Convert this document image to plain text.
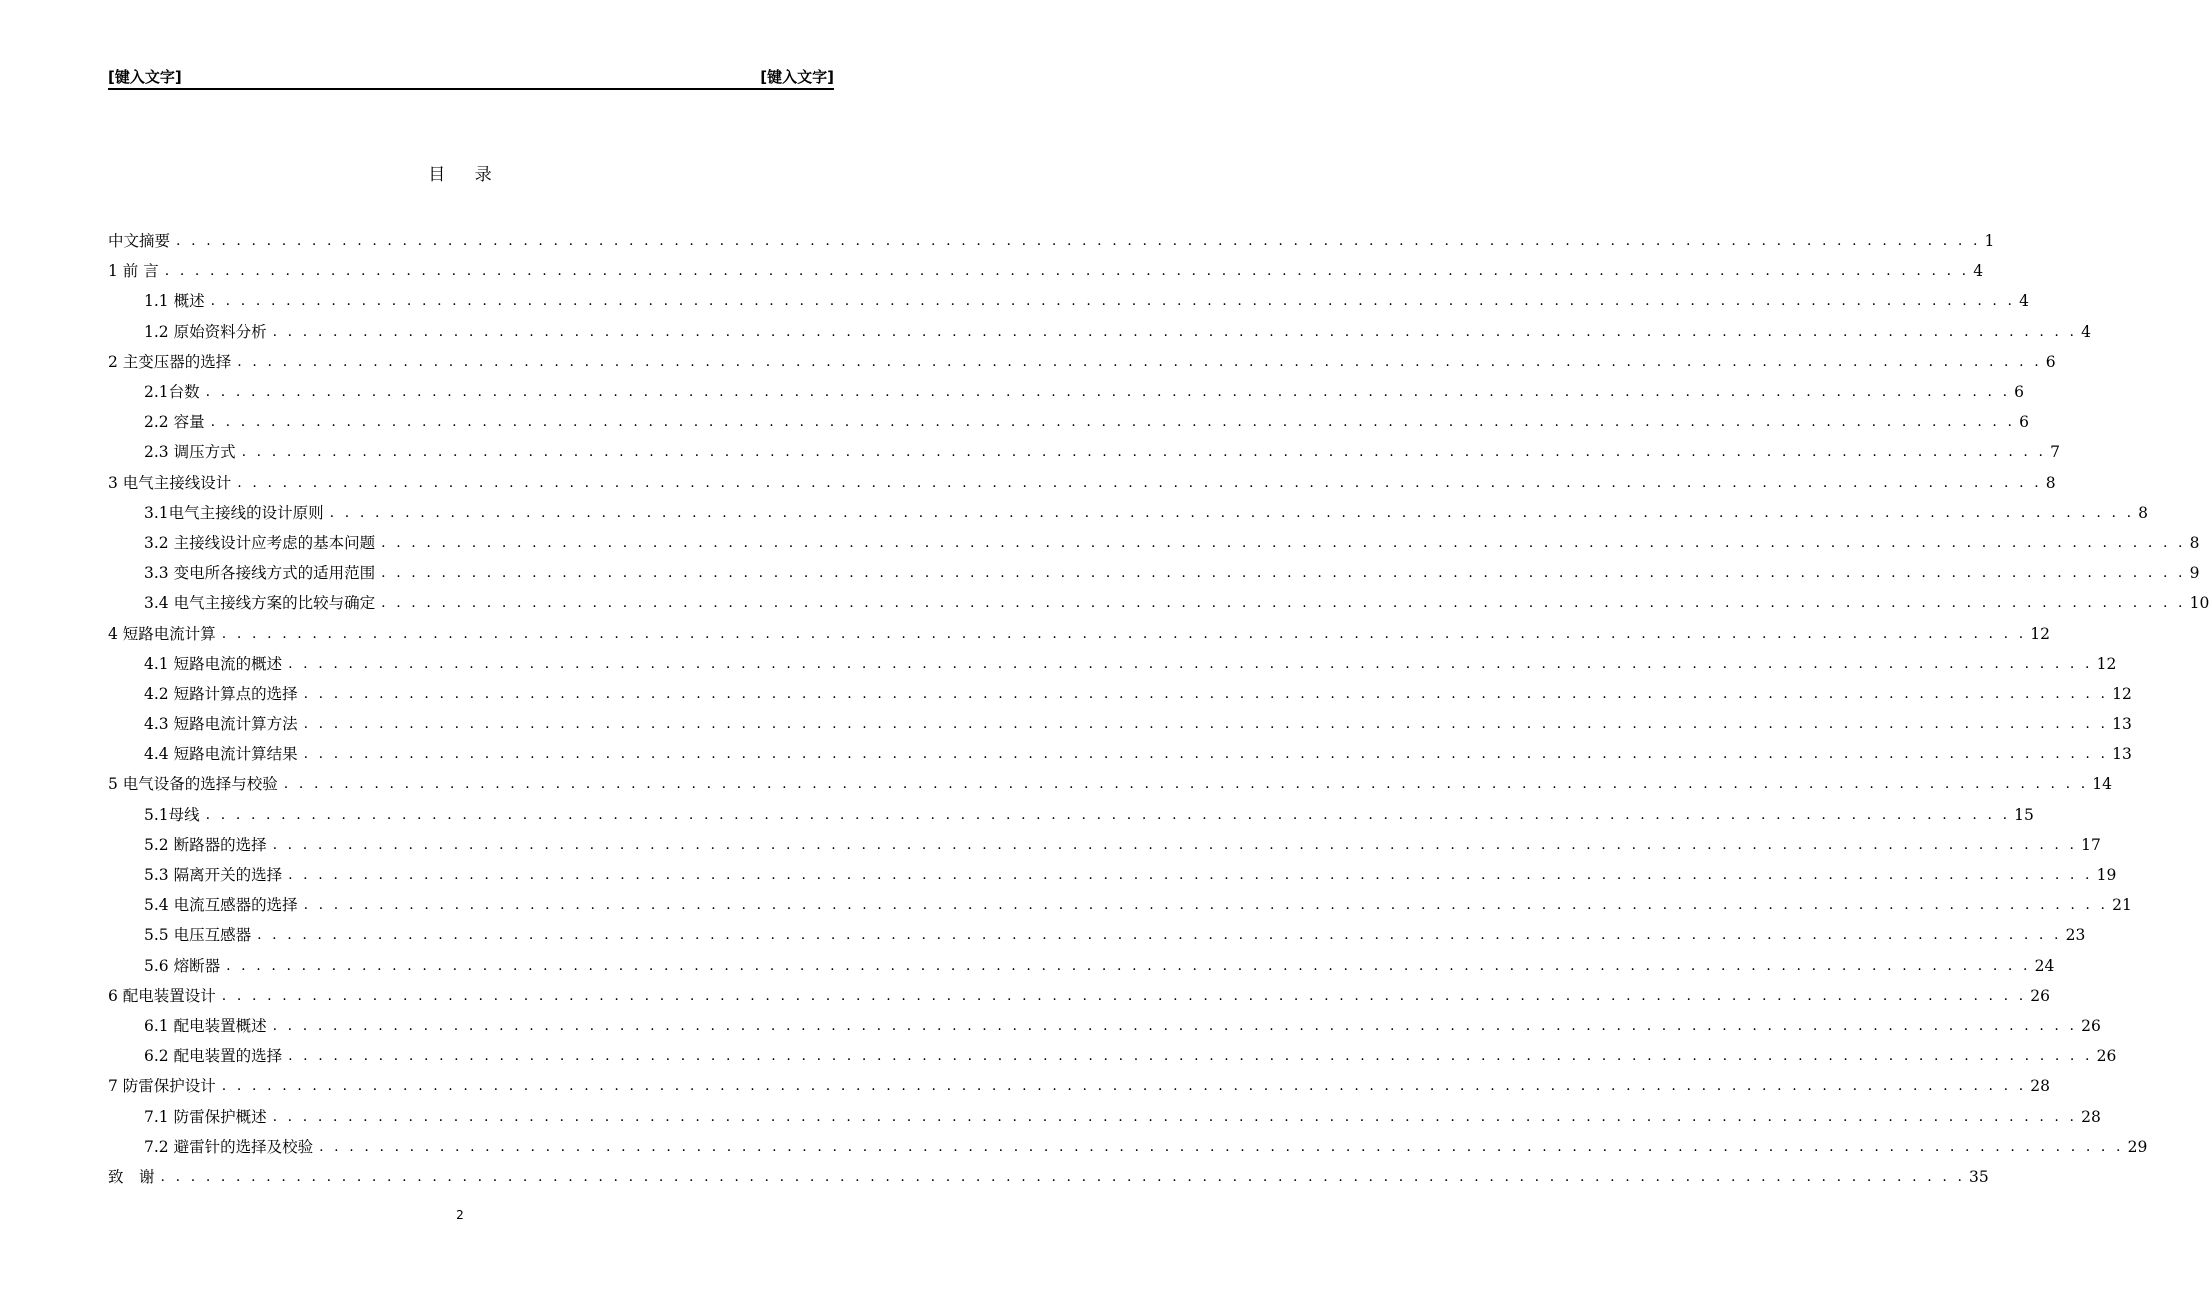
[键入文字]	[键入文字]
目 录
中文摘要 . . . . . . . . . . . . . . . . . . . . . . . . . . . . . . . . . . . . . . . . . . . . . . . . . . . . . . . . . . . . . . . . . . . . . . . . . . . . . . . . . . . . . . . . . . . . . . . . . . . . . . . . . . . . . . . . . . . . . . . . 1
1 前 言 . . . . . . . . . . . . . . . . . . . . . . . . . . . . . . . . . . . . . . . . . . . . . . . . . . . . . . . . . . . . . . . . . . . . . . . . . . . . . . . . . . . . . . . . . . . . . . . . . . . . . . . . . . . . . . . . . . . . . . . . 4
1.1 概述 . . . . . . . . . . . . . . . . . . . . . . . . . . . . . . . . . . . . . . . . . . . . . . . . . . . . . . . . . . . . . . . . . . . . . . . . . . . . . . . . . . . . . . . . . . . . . . . . . . . . . . . . . . . . . . . . . . . . . . . . 4
1.2 原始资料分析 . . . . . . . . . . . . . . . . . . . . . . . . . . . . . . . . . . . . . . . . . . . . . . . . . . . . . . . . . . . . . . . . . . . . . . . . . . . . . . . . . . . . . . . . . . . . . . . . . . . . . . . . . . . . . . . . . . . . . . . . 4
2 主变压器的选择 . . . . . . . . . . . . . . . . . . . . . . . . . . . . . . . . . . . . . . . . . . . . . . . . . . . . . . . . . . . . . . . . . . . . . . . . . . . . . . . . . . . . . . . . . . . . . . . . . . . . . . . . . . . . . . . . . . . . . . . . 6
2.1台数 . . . . . . . . . . . . . . . . . . . . . . . . . . . . . . . . . . . . . . . . . . . . . . . . . . . . . . . . . . . . . . . . . . . . . . . . . . . . . . . . . . . . . . . . . . . . . . . . . . . . . . . . . . . . . . . . . . . . . . . . 6
2.2 容量 . . . . . . . . . . . . . . . . . . . . . . . . . . . . . . . . . . . . . . . . . . . . . . . . . . . . . . . . . . . . . . . . . . . . . . . . . . . . . . . . . . . . . . . . . . . . . . . . . . . . . . . . . . . . . . . . . . . . . . . . 6
2.3 调压方式 . . . . . . . . . . . . . . . . . . . . . . . . . . . . . . . . . . . . . . . . . . . . . . . . . . . . . . . . . . . . . . . . . . . . . . . . . . . . . . . . . . . . . . . . . . . . . . . . . . . . . . . . . . . . . . . . . . . . . . . . 7
3 电气主接线设计 . . . . . . . . . . . . . . . . . . . . . . . . . . . . . . . . . . . . . . . . . . . . . . . . . . . . . . . . . . . . . . . . . . . . . . . . . . . . . . . . . . . . . . . . . . . . . . . . . . . . . . . . . . . . . . . . . . . . . . . . 8
3.1电气主接线的设计原则 . . . . . . . . . . . . . . . . . . . . . . . . . . . . . . . . . . . . . . . . . . . . . . . . . . . . . . . . . . . . . . . . . . . . . . . . . . . . . . . . . . . . . . . . . . . . . . . . . . . . . . . . . . . . . . . . . . . . . . . . 8
3.2 主接线设计应考虑的基本问题 . . . . . . . . . . . . . . . . . . . . . . . . . . . . . . . . . . . . . . . . . . . . . . . . . . . . . . . . . . . . . . . . . . . . . . . . . . . . . . . . . . . . . . . . . . . . . . . . . . . . . . . . . . . . . . . . . . . . . . . . 8
3.3 变电所各接线方式的适用范围 . . . . . . . . . . . . . . . . . . . . . . . . . . . . . . . . . . . . . . . . . . . . . . . . . . . . . . . . . . . . . . . . . . . . . . . . . . . . . . . . . . . . . . . . . . . . . . . . . . . . . . . . . . . . . . . . . . . . . . . . 9
3.4 电气主接线方案的比较与确定 . . . . . . . . . . . . . . . . . . . . . . . . . . . . . . . . . . . . . . . . . . . . . . . . . . . . . . . . . . . . . . . . . . . . . . . . . . . . . . . . . . . . . . . . . . . . . . . . . . . . . . . . . . . . . . . . . . . . . . . . 10
4 短路电流计算 . . . . . . . . . . . . . . . . . . . . . . . . . . . . . . . . . . . . . . . . . . . . . . . . . . . . . . . . . . . . . . . . . . . . . . . . . . . . . . . . . . . . . . . . . . . . . . . . . . . . . . . . . . . . . . . . . . . . . . . . 12
4.1 短路电流的概述 . . . . . . . . . . . . . . . . . . . . . . . . . . . . . . . . . . . . . . . . . . . . . . . . . . . . . . . . . . . . . . . . . . . . . . . . . . . . . . . . . . . . . . . . . . . . . . . . . . . . . . . . . . . . . . . . . . . . . . . . 12
4.2 短路计算点的选择 . . . . . . . . . . . . . . . . . . . . . . . . . . . . . . . . . . . . . . . . . . . . . . . . . . . . . . . . . . . . . . . . . . . . . . . . . . . . . . . . . . . . . . . . . . . . . . . . . . . . . . . . . . . . . . . . . . . . . . . . 12
4.3 短路电流计算方法 . . . . . . . . . . . . . . . . . . . . . . . . . . . . . . . . . . . . . . . . . . . . . . . . . . . . . . . . . . . . . . . . . . . . . . . . . . . . . . . . . . . . . . . . . . . . . . . . . . . . . . . . . . . . . . . . . . . . . . . . 13
4.4 短路电流计算结果 . . . . . . . . . . . . . . . . . . . . . . . . . . . . . . . . . . . . . . . . . . . . . . . . . . . . . . . . . . . . . . . . . . . . . . . . . . . . . . . . . . . . . . . . . . . . . . . . . . . . . . . . . . . . . . . . . . . . . . . . 13
5 电气设备的选择与校验 . . . . . . . . . . . . . . . . . . . . . . . . . . . . . . . . . . . . . . . . . . . . . . . . . . . . . . . . . . . . . . . . . . . . . . . . . . . . . . . . . . . . . . . . . . . . . . . . . . . . . . . . . . . . . . . . . . . . . . . . 14
5.1母线 . . . . . . . . . . . . . . . . . . . . . . . . . . . . . . . . . . . . . . . . . . . . . . . . . . . . . . . . . . . . . . . . . . . . . . . . . . . . . . . . . . . . . . . . . . . . . . . . . . . . . . . . . . . . . . . . . . . . . . . . 15
5.2 断路器的选择 . . . . . . . . . . . . . . . . . . . . . . . . . . . . . . . . . . . . . . . . . . . . . . . . . . . . . . . . . . . . . . . . . . . . . . . . . . . . . . . . . . . . . . . . . . . . . . . . . . . . . . . . . . . . . . . . . . . . . . . . 17
5.3 隔离开关的选择 . . . . . . . . . . . . . . . . . . . . . . . . . . . . . . . . . . . . . . . . . . . . . . . . . . . . . . . . . . . . . . . . . . . . . . . . . . . . . . . . . . . . . . . . . . . . . . . . . . . . . . . . . . . . . . . . . . . . . . . . 19
5.4 电流互感器的选择 . . . . . . . . . . . . . . . . . . . . . . . . . . . . . . . . . . . . . . . . . . . . . . . . . . . . . . . . . . . . . . . . . . . . . . . . . . . . . . . . . . . . . . . . . . . . . . . . . . . . . . . . . . . . . . . . . . . . . . . . 21
5.5 电压互感器 . . . . . . . . . . . . . . . . . . . . . . . . . . . . . . . . . . . . . . . . . . . . . . . . . . . . . . . . . . . . . . . . . . . . . . . . . . . . . . . . . . . . . . . . . . . . . . . . . . . . . . . . . . . . . . . . . . . . . . . . 23
5.6 熔断器 . . . . . . . . . . . . . . . . . . . . . . . . . . . . . . . . . . . . . . . . . . . . . . . . . . . . . . . . . . . . . . . . . . . . . . . . . . . . . . . . . . . . . . . . . . . . . . . . . . . . . . . . . . . . . . . . . . . . . . . . 24
6 配电装置设计 . . . . . . . . . . . . . . . . . . . . . . . . . . . . . . . . . . . . . . . . . . . . . . . . . . . . . . . . . . . . . . . . . . . . . . . . . . . . . . . . . . . . . . . . . . . . . . . . . . . . . . . . . . . . . . . . . . . . . . . . 26
6.1 配电装置概述 . . . . . . . . . . . . . . . . . . . . . . . . . . . . . . . . . . . . . . . . . . . . . . . . . . . . . . . . . . . . . . . . . . . . . . . . . . . . . . . . . . . . . . . . . . . . . . . . . . . . . . . . . . . . . . . . . . . . . . . . 26
6.2 配电装置的选择 . . . . . . . . . . . . . . . . . . . . . . . . . . . . . . . . . . . . . . . . . . . . . . . . . . . . . . . . . . . . . . . . . . . . . . . . . . . . . . . . . . . . . . . . . . . . . . . . . . . . . . . . . . . . . . . . . . . . . . . . 26
7 防雷保护设计 . . . . . . . . . . . . . . . . . . . . . . . . . . . . . . . . . . . . . . . . . . . . . . . . . . . . . . . . . . . . . . . . . . . . . . . . . . . . . . . . . . . . . . . . . . . . . . . . . . . . . . . . . . . . . . . . . . . . . . . . 28
7.1 防雷保护概述 . . . . . . . . . . . . . . . . . . . . . . . . . . . . . . . . . . . . . . . . . . . . . . . . . . . . . . . . . . . . . . . . . . . . . . . . . . . . . . . . . . . . . . . . . . . . . . . . . . . . . . . . . . . . . . . . . . . . . . . . 28
7.2 避雷针的选择及校验 . . . . . . . . . . . . . . . . . . . . . . . . . . . . . . . . . . . . . . . . . . . . . . . . . . . . . . . . . . . . . . . . . . . . . . . . . . . . . . . . . . . . . . . . . . . . . . . . . . . . . . . . . . . . . . . . . . . . . . . . 29
致　谢 . . . . . . . . . . . . . . . . . . . . . . . . . . . . . . . . . . . . . . . . . . . . . . . . . . . . . . . . . . . . . . . . . . . . . . . . . . . . . . . . . . . . . . . . . . . . . . . . . . . . . . . . . . . . . . . . . . . . . . . . 35
2
